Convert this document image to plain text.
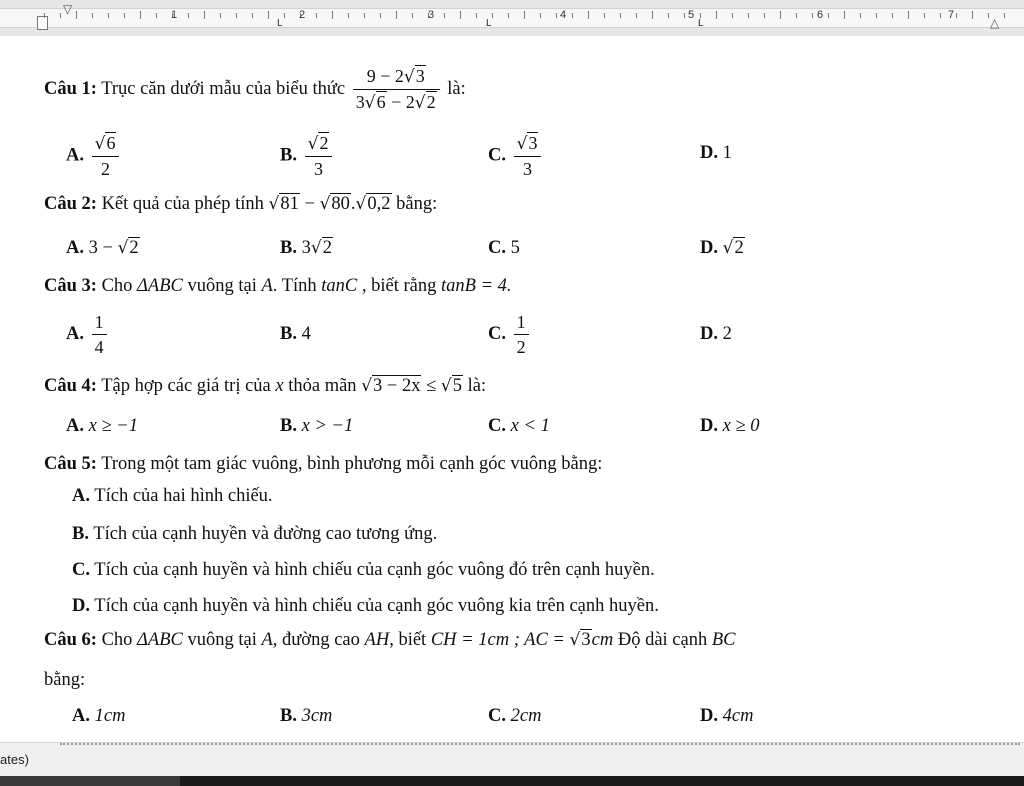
▽
△
1	2	3	4	5	6	7
L	L	L
Câu 1: Trục căn dưới mẫu của biểu thức $\frac{9 - 2√3}{3√6 - 2√2}$ là:
A. $\frac{√6}{2}$	B. $\frac{√2}{3}$	C. $\frac{√3}{3}$	D. 1
Câu 2: Kết quả của phép tính √81 − √80.√0,2 bằng:
A. 3 − √2	B. 3√2	C. 5	D. √2
Câu 3: Cho ΔABC vuông tại A. Tính tanC , biết rằng tanB = 4.
A. $\frac{1}{4}$	B. 4	C. $\frac{1}{2}$	D. 2
Câu 4: Tập hợp các giá trị của x thỏa mãn √3 − 2x ≤ √5 là:
A. x ≥ −1	B. x > −1	C. x < 1	D. x ≥ 0
Câu 5: Trong một tam giác vuông, bình phương mỗi cạnh góc vuông bằng:
A. Tích của hai hình chiếu.
B. Tích của cạnh huyền và đường cao tương ứng.
C. Tích của cạnh huyền và hình chiếu của cạnh góc vuông đó trên cạnh huyền.
D. Tích của cạnh huyền và hình chiếu của cạnh góc vuông kia trên cạnh huyền.
Câu 6: Cho ΔABC vuông tại A, đường cao AH, biết CH = 1cm ; AC = √3cm Độ dài cạnh BC
bằng:
A. 1cm	B. 3cm	C. 2cm	D. 4cm
ates)
